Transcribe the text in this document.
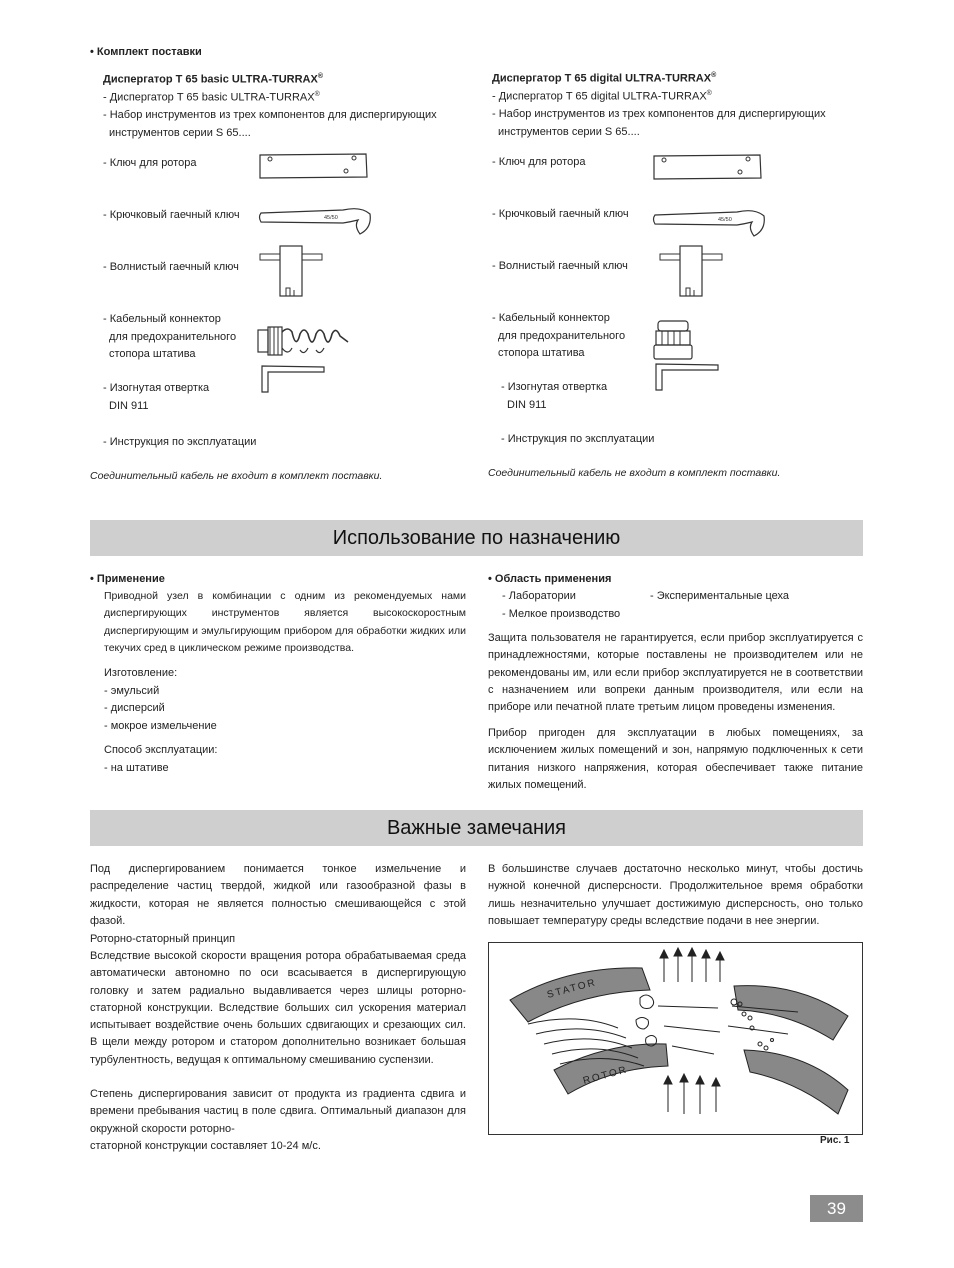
• Комплект поставки
Диспергатор T 65 basic ULTRA-TURRAX®
- Диспергатор T 65 basic ULTRA-TURRAX®
- Набор инструментов из трех компонентов для диспергирующих
инструментов серии S 65....
- Ключ для ротора
- Крючковый гаечный ключ
- Волнистый гаечный ключ
- Кабельный коннектор
для предохранительного
стопора штатива
- Изогнутая отвертка
DIN 911
- Инструкция по эксплуатации
Соединительный кабель не входит в комплект поставки.
45/50
Диспергатор T 65 digital ULTRA-TURRAX®
- Диспергатор T 65 digital ULTRA-TURRAX®
- Набор инструментов из трех компонентов для диспергирующих
инструментов серии S 65....
- Ключ для ротора
- Крючковый гаечный ключ
- Волнистый гаечный ключ
- Кабельный коннектор
для предохранительного
стопора штатива
- Изогнутая отвертка
DIN 911
- Инструкция по эксплуатации
Соединительный кабель не входит в комплект поставки.
45/50
Использование по назначению
• Применение
Приводной узел в комбинации с одним из рекомендуемых нами диспергирующих инструментов является высокоскоростным диспергирующим и эмульгирующим прибором для обработки жидких или текучих сред в циклическом режиме производства.
Изготовление:
- эмульсий
- дисперсий
- мокрое измельчение
Способ эксплуатации:
- на штативе
• Область применения
- Лаборатории
- Мелкое производство
- Экспериментальные цеха
Защита пользователя не гарантируется, если прибор эксплуатируется с принадлежностями, которые поставлены не производителем или не рекомендованы им, или если прибор эксплуатируется не в соответствии с назначением или вопреки данным производителя, или если на приборе или печатной плате третьим лицом проведены изменения.
Прибор пригоден для эксплуатации в любых помещениях, за исключением жилых помещений и зон, напрямую подключенных к сети питания низкого напряжения, которая обеспечивает также питание жилых помещений.
Важные замечания
Под диспергированием понимается тонкое измельчение и распределение частиц твердой, жидкой или газообразной фазы в жидкости, которая не является полностью смешивающейся с этой фазой.
Роторно-статорный принцип
Вследствие высокой скорости вращения ротора обрабатываемая среда автоматически автономно по оси всасывается в диспергирующую головку и затем радиально выдавливается через шлицы роторно-статорной конструкции. Вследствие больших сил ускорения материал испытывает воздействие очень больших сдвигающих и срезающих сил. В щели между ротором и статором дополнительно возникает большая турбулентность, ведущая к оптимальному смешиванию суспензии.
Степень диспергирования зависит от продукта из градиента сдвига и времени пребывания частиц в поле сдвига. Оптимальный диапазон для окружной скорости роторно-
статорной конструкции составляет 10-24 м/с.
В большинстве случаев достаточно несколько минут, чтобы достичь нужной конечной дисперсности. Продолжительное время обработки лишь незначительно улучшает достижимую дисперсность, оно только повышает температуру среды вследствие подачи в нее энергии.
STATOR
ROTOR
Рис. 1
39
